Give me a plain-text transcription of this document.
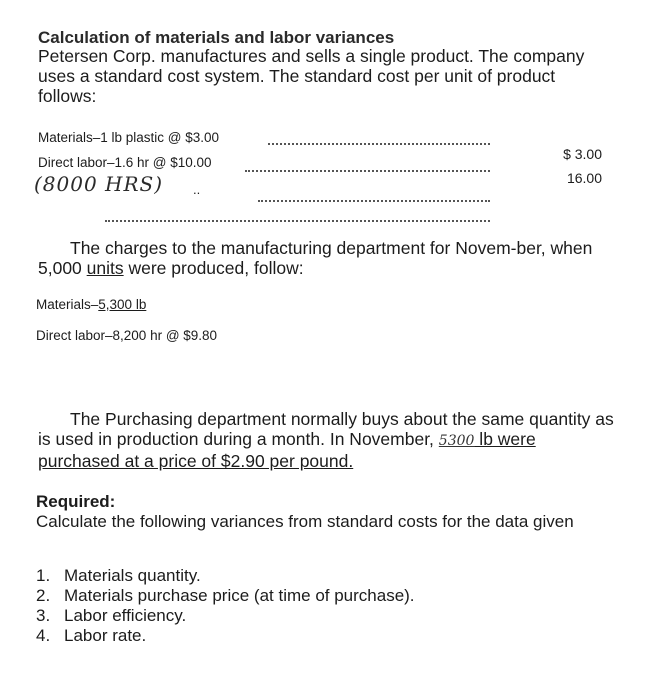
Calculation of materials and labor variances
Petersen Corp. manufactures and sells a single product. The company uses a standard cost system. The standard cost per unit of product follows:
Materials–1 lb plastic @ $3.00
$ 3.00
Direct labor–1.6 hr @ $10.00
16.00
(8000 HRS) ..
The charges to the manufacturing department for Novem-ber, when 5,000 units were produced, follow:
Materials–5,300 lb
Direct labor–8,200 hr @ $9.80
The Purchasing department normally buys about the same quantity as is used in production during a month. In November, 5300 lb were purchased at a price of $2.90 per pound.
Required:
Calculate the following variances from standard costs for the data given
1. Materials quantity.
2. Materials purchase price (at time of purchase).
3. Labor efficiency.
4. Labor rate.
